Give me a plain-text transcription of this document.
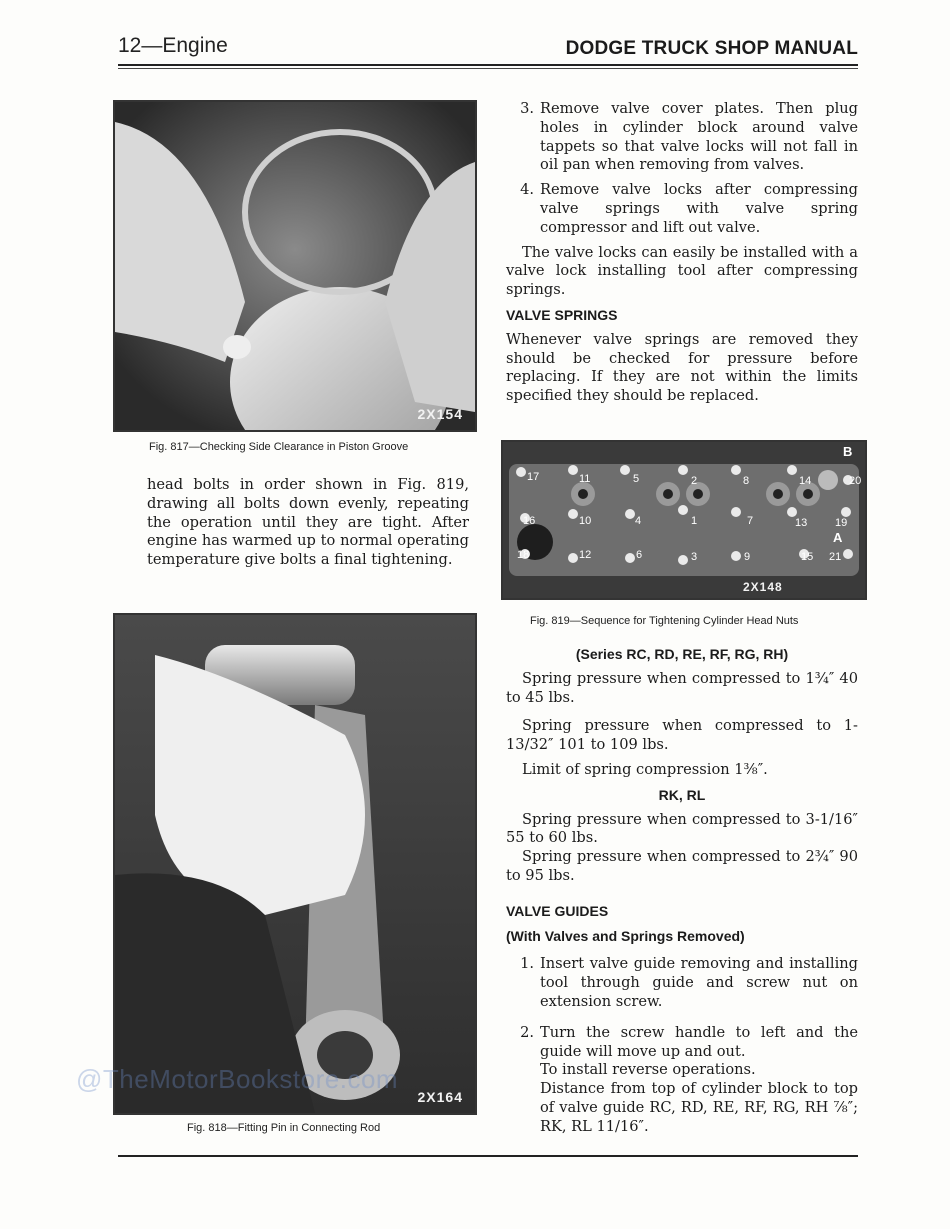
12—Engine	DODGE TRUCK SHOP MANUAL
2X154
Fig. 817—Checking Side Clearance in Piston Groove

head bolts in order shown in Fig. 819, drawing all bolts down evenly, repeating the operation until they are tight. After engine has warmed up to normal operating temperature give bolts a final tightening.

2X164
Fig. 818—Fitting Pin in Connecting Rod
@TheMotorBookstore.com
3. Remove valve cover plates. Then plug holes in cylinder block around valve tappets so that valve locks will not fall in oil pan when removing from valves.
4. Remove valve locks after compressing valve springs with valve spring compressor and lift out valve.

The valve locks can easily be installed with a valve lock installing tool after compressing springs.

VALVE SPRINGS

Whenever valve springs are removed they should be checked for pressure before replacing. If they are not within the limits specified they should be replaced.

17	11	5	2	8	14	20
16	10	4	1	7	13	19
18	12	6	3	9	15 21
A
B
2X148
Fig. 819—Sequence for Tightening Cylinder Head Nuts

(Series RC, RD, RE, RF, RG, RH)

Spring pressure when compressed to 1¾″ 40 to 45 lbs.

Spring pressure when compressed to 1-13/32″ 101 to 109 lbs.

Limit of spring compression 1⅜″.

RK, RL

Spring pressure when compressed to 3-1/16″ 55 to 60 lbs.

Spring pressure when compressed to 2¾″ 90 to 95 lbs.

VALVE GUIDES

(With Valves and Springs Removed)

1. Insert valve guide removing and installing tool through guide and screw nut on extension screw.
2. Turn the screw handle to left and the guide will move up and out.
To install reverse operations.
Distance from top of cylinder block to top of valve guide RC, RD, RE, RF, RG, RH ⅞″; RK, RL 11/16″.
